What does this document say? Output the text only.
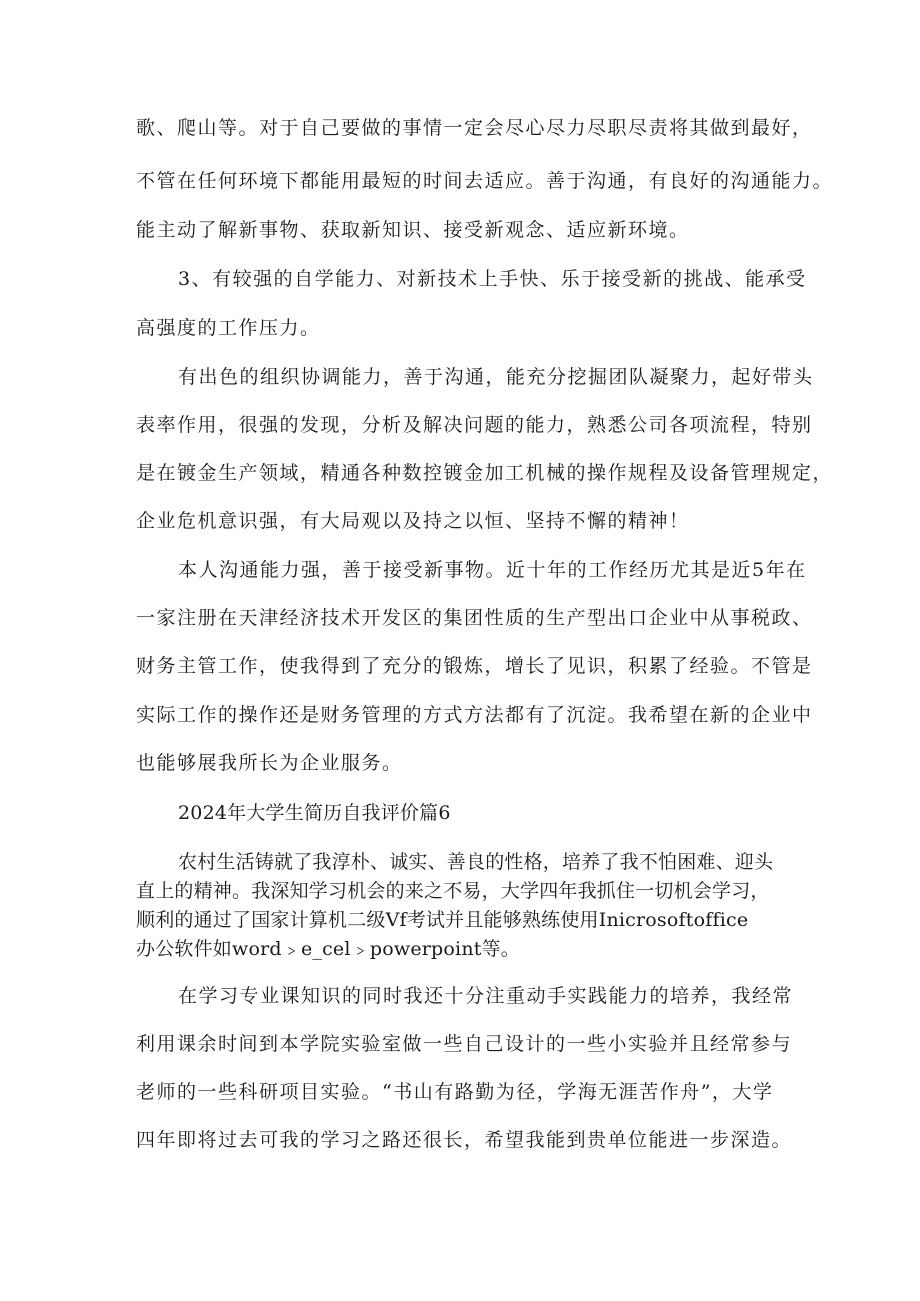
歌、爬山等。对于自己要做的事情一定会尽心尽力尽职尽责将其做到最好，

不管在任何环境下都能用最短的时间去适应。善于沟通，有良好的沟通能力。

能主动了解新事物、获取新知识、接受新观念、适应新环境。

3、有较强的自学能力、对新技术上手快、乐于接受新的挑战、能承受

高强度的工作压力。

有出色的组织协调能力，善于沟通，能充分挖掘团队凝聚力，起好带头

表率作用，很强的发现，分析及解决问题的能力，熟悉公司各项流程，特别

是在镀金生产领域，精通各种数控镀金加工机械的操作规程及设备管理规定，

企业危机意识强，有大局观以及持之以恒、坚持不懈的精神！

本人沟通能力强，善于接受新事物。近十年的工作经历尤其是近5年在

一家注册在天津经济技术开发区的集团性质的生产型出口企业中从事税政、

财务主管工作，使我得到了充分的锻炼，增长了见识，积累了经验。不管是

实际工作的操作还是财务管理的方式方法都有了沉淀。我希望在新的企业中

也能够展我所长为企业服务。

2024年大学生简历自我评价篇6

农村生活铸就了我淳朴、诚实、善良的性格，培养了我不怕困难、迎头

直上的精神。我深知学习机会的来之不易，大学四年我抓住一切机会学习，

顺利的通过了国家计算机二级Vf考试并且能够熟练使用Inicrosoftoffice

办公软件如word﹥e_cel﹥powerpoint等。

在学习专业课知识的同时我还十分注重动手实践能力的培养，我经常

利用课余时间到本学院实验室做一些自己设计的一些小实验并且经常参与

老师的一些科研项目实验。“书山有路勤为径，学海无涯苦作舟”，大学

四年即将过去可我的学习之路还很长，希望我能到贵单位能进一步深造。
